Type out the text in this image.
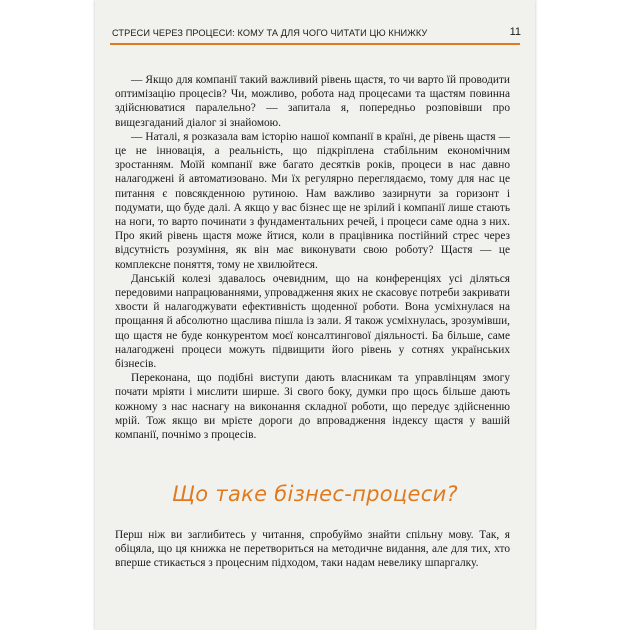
СТРЕСИ ЧЕРЕЗ ПРОЦЕСИ: КОМУ ТА ДЛЯ ЧОГО ЧИТАТИ ЦЮ КНИЖКУ	11

— Якщо для компанії такий важливий рівень щастя, то чи варто їй проводити оптимізацію процесів? Чи, можливо, робота над процесами та щастям повинна здійснюватися паралельно? — запитала я, попередньо розповівши про вищезгаданий діалог зі знайомою.

— Наталі, я розказала вам історію нашої компанії в країні, де рівень щастя — це не інновація, а реальність, що підкріплена стабільним економічним зростанням. Моїй компанії вже багато десятків років, процеси в нас давно налагоджені й автоматизовано. Ми їх регулярно переглядаємо, тому для нас це питання є повсякденною рутиною. Нам важливо зазирнути за горизонт і подумати, що буде далі. А якщо у вас бізнес ще не зрілий і компанії лише стають на ноги, то варто починати з фундаментальних речей, і процеси саме одна з них. Про який рівень щастя може йтися, коли в працівника постійний стрес через відсутність розуміння, як він має виконувати свою роботу? Щастя — це комплексне поняття, тому не хвилюйтеся.

Данській колезі здавалось очевидним, що на конференціях усі діляться передовими напрацюваннями, упровадження яких не скасовує потреби закривати хвости й налагоджувати ефективність щоденної роботи. Вона усміхнулася на прощання й абсолютно щаслива пішла із зали. Я також усміхнулась, зрозумівши, що щастя не буде конкурентом моєї консалтингової діяльності. Ба більше, саме налагоджені процеси можуть підвищити його рівень у сотнях українських бізнесів.

Переконана, що подібні виступи дають власникам та управлінцям змогу почати мріяти і мислити ширше. Зі свого боку, думки про щось більше дають кожному з нас наснагу на виконання складної роботи, що передує здійсненню мрій. Тож якщо ви мрієте дороги до впровадження індексу щастя у вашій компанії, почнімо з процесів.

Що таке бізнес-процеси?

Перш ніж ви заглибитесь у читання, спробуймо знайти спільну мову. Так, я обіцяла, що ця книжка не перетвориться на методичне видання, але для тих, хто вперше стикається з процесним підходом, таки надам невелику шпаргалку.
